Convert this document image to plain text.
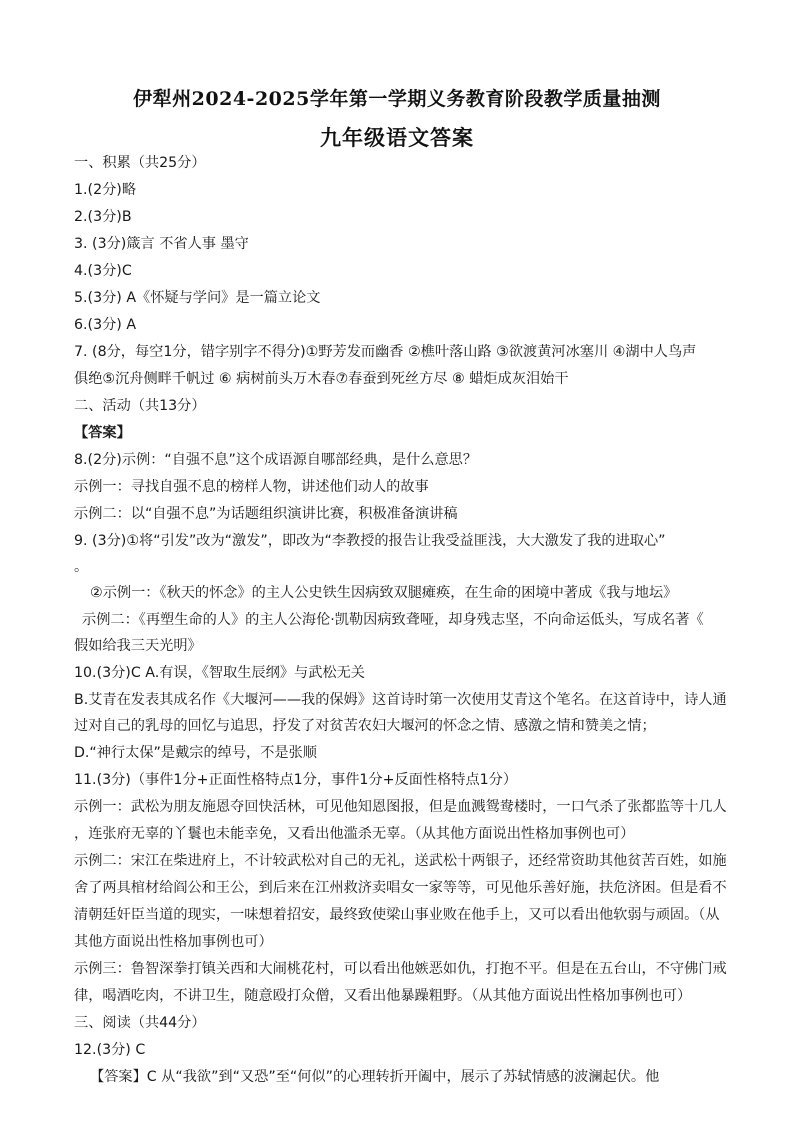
伊犁州2024-2025学年第一学期义务教育阶段教学质量抽测
九年级语文答案
一、积累（共25分）
1.(2分)略
2.(3分)B
3. (3分)箴言 不省人事 墨守
4.(3分)C
5.(3分) A《怀疑与学问》是一篇立论文
6.(3分) A
7. (8分，每空1分，错字别字不得分)①野芳发而幽香 ②樵叶落山路 ③欲渡黄河冰塞川 ④湖中人鸟声
俱绝⑤沉舟侧畔千帆过 ⑥ 病树前头万木春⑦春蚕到死丝方尽 ⑧ 蜡炬成灰泪始干
二、活动（共13分）
【答案】
8.(2分)示例：“自强不息”这个成语源自哪部经典，是什么意思？
示例一：寻找自强不息的榜样人物，讲述他们动人的故事
示例二：以“自强不息”为话题组织演讲比赛，积极准备演讲稿
9. (3分)①将“引发”改为“激发”，即改为“李教授的报告让我受益匪浅，大大激发了我的进取心”
。
②示例一：《秋天的怀念》的主人公史铁生因病致双腿瘫痪，在生命的困境中著成《我与地坛》
示例二：《再塑生命的人》的主人公海伦·凯勒因病致聋哑，却身残志坚，不向命运低头，写成名著《
假如给我三天光明》
10.(3分)C A.有误，《智取生辰纲》与武松无关
B.艾青在发表其成名作《大堰河——我的保姆》这首诗时第一次使用艾青这个笔名。在这首诗中，诗人通
过对自己的乳母的回忆与追思，抒发了对贫苦农妇大堰河的怀念之情、感激之情和赞美之情；
D.“神行太保”是戴宗的绰号，不是张顺
11.(3分)（事件1分+正面性格特点1分，事件1分+反面性格特点1分）
示例一：武松为朋友施恩夺回快活林，可见他知恩图报，但是血溅鸳鸯楼时，一口气杀了张都监等十几人
，连张府无辜的丫鬟也未能幸免，又看出他滥杀无辜。（从其他方面说出性格加事例也可）
示例二：宋江在柴进府上，不计较武松对自己的无礼，送武松十两银子，还经常资助其他贫苦百姓，如施
舍了两具棺材给阎公和王公，到后来在江州救济卖唱女一家等等，可见他乐善好施，扶危济困。但是看不
清朝廷奸臣当道的现实，一味想着招安，最终致使梁山事业败在他手上，又可以看出他软弱与顽固。（从
其他方面说出性格加事例也可）
示例三：鲁智深拳打镇关西和大闹桃花村，可以看出他嫉恶如仇，打抱不平。但是在五台山，不守佛门戒
律，喝酒吃肉，不讲卫生，随意殴打众僧，又看出他暴躁粗野。（从其他方面说出性格加事例也可）
三、阅读（共44分）
12.(3分) C
【答案】C 从“我欲”到“又恐”至“何似”的心理转折开阖中，展示了苏轼情感的波澜起伏。他
